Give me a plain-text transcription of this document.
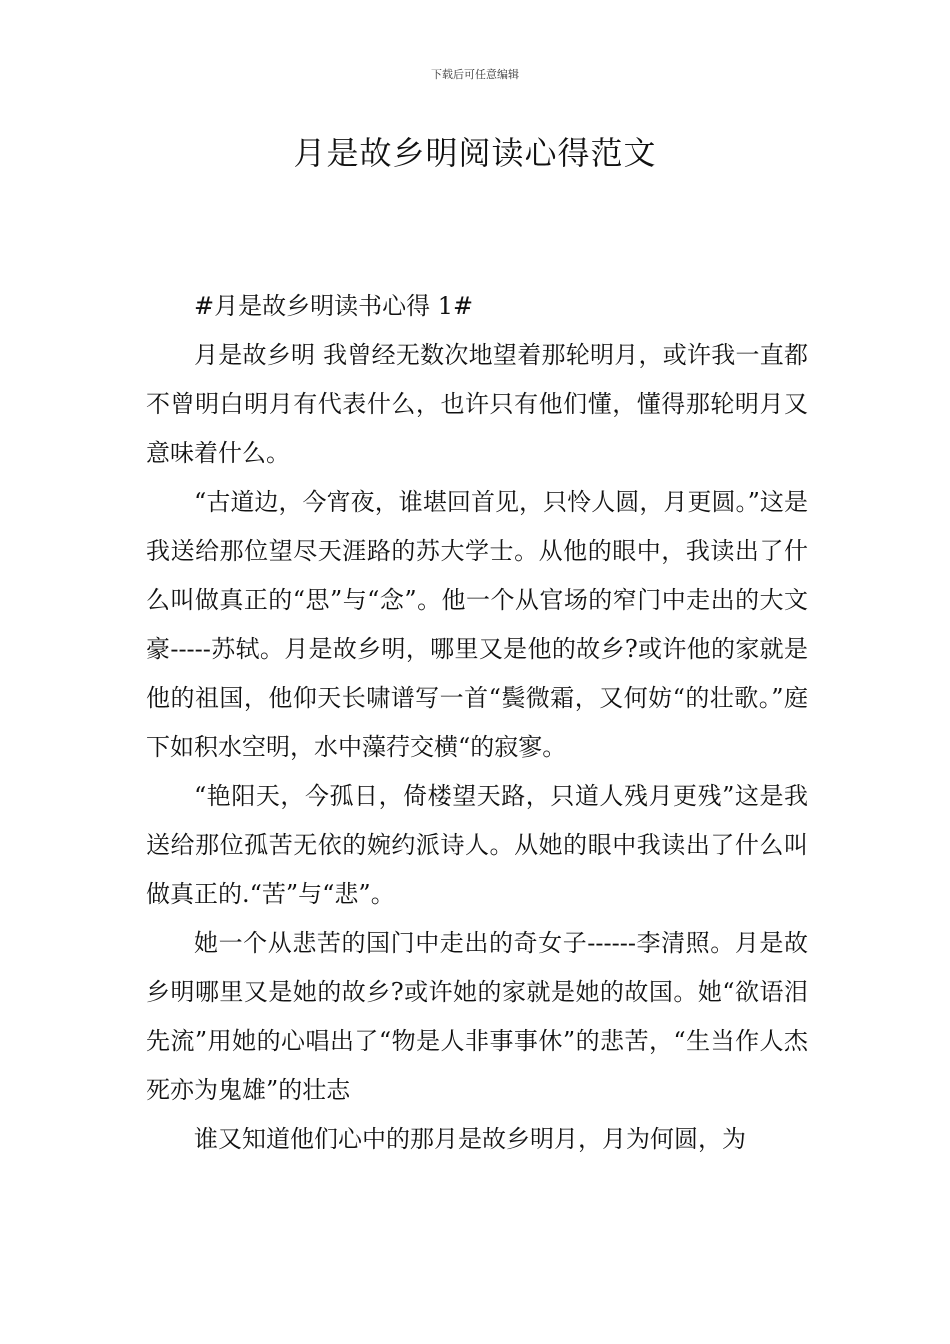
下载后可任意编辑
月是故乡明阅读心得范文

#月是故乡明读书心得 1#

月是故乡明 我曾经无数次地望着那轮明月，或许我一直都不曾明白明月有代表什么，也许只有他们懂，懂得那轮明月又意味着什么。

“古道边，今宵夜，谁堪回首见，只怜人圆，月更圆。”这是我送给那位望尽天涯路的苏大学士。从他的眼中，我读出了什么叫做真正的“思”与“念”。他一个从官场的窄门中走出的大文豪-----苏轼。月是故乡明，哪里又是他的故乡?或许他的家就是他的祖国，他仰天长啸谱写一首“鬓微霜，又何妨“的壮歌。”庭下如积水空明，水中藻荇交横“的寂寥。

“艳阳天，今孤日，倚楼望天路，只道人残月更残”这是我送给那位孤苦无依的婉约派诗人。从她的眼中我读出了什么叫做真正的.“苦”与“悲”。

她一个从悲苦的国门中走出的奇女子------李清照。月是故乡明哪里又是她的故乡?或许她的家就是她的故国。她“欲语泪先流”用她的心唱出了“物是人非事事休”的悲苦，“生当作人杰死亦为鬼雄”的壮志

谁又知道他们心中的那月是故乡明月，月为何圆，为
